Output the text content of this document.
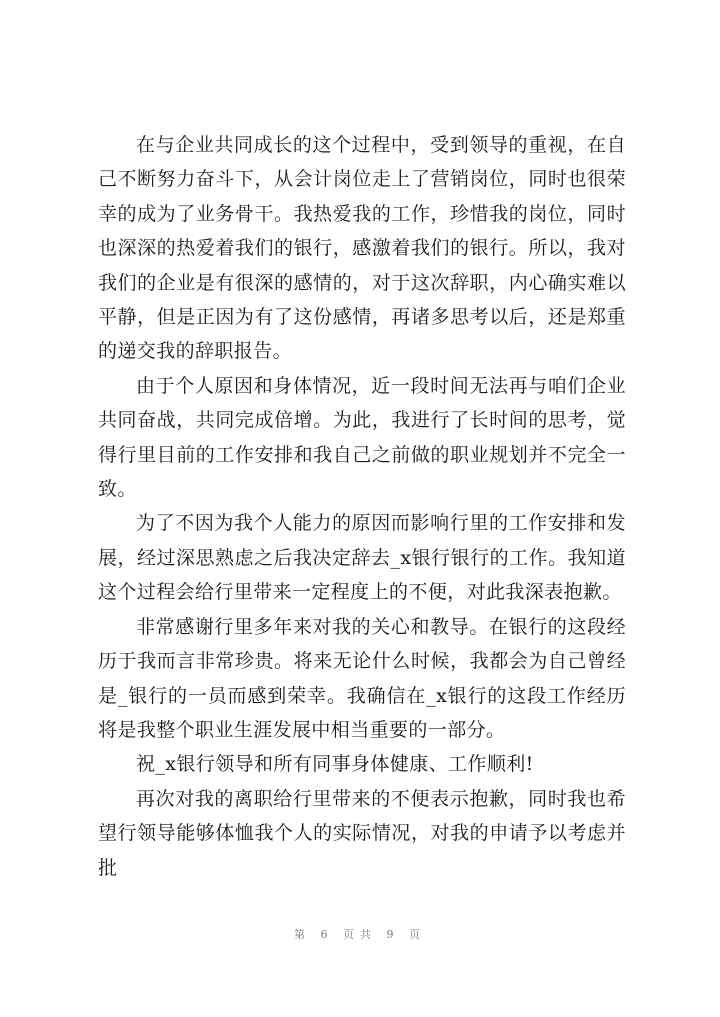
在与企业共同成长的这个过程中，受到领导的重视，在自己不断努力奋斗下，从会计岗位走上了营销岗位，同时也很荣幸的成为了业务骨干。我热爱我的工作，珍惜我的岗位，同时也深深的热爱着我们的银行，感激着我们的银行。所以，我对我们的企业是有很深的感情的，对于这次辞职，内心确实难以平静，但是正因为有了这份感情，再诸多思考以后，还是郑重的递交我的辞职报告。

由于个人原因和身体情况，近一段时间无法再与咱们企业共同奋战，共同完成倍增。为此，我进行了长时间的思考，觉得行里目前的工作安排和我自己之前做的职业规划并不完全一致。

为了不因为我个人能力的原因而影响行里的工作安排和发展，经过深思熟虑之后我决定辞去_x银行银行的工作。我知道这个过程会给行里带来一定程度上的不便，对此我深表抱歉。

非常感谢行里多年来对我的关心和教导。在银行的这段经历于我而言非常珍贵。将来无论什么时候，我都会为自己曾经是_银行的一员而感到荣幸。我确信在_x银行的这段工作经历将是我整个职业生涯发展中相当重要的一部分。

祝_x银行领导和所有同事身体健康、工作顺利!

再次对我的离职给行里带来的不便表示抱歉，同时我也希望行领导能够体恤我个人的实际情况，对我的申请予以考虑并批

第 6 页共 9 页
